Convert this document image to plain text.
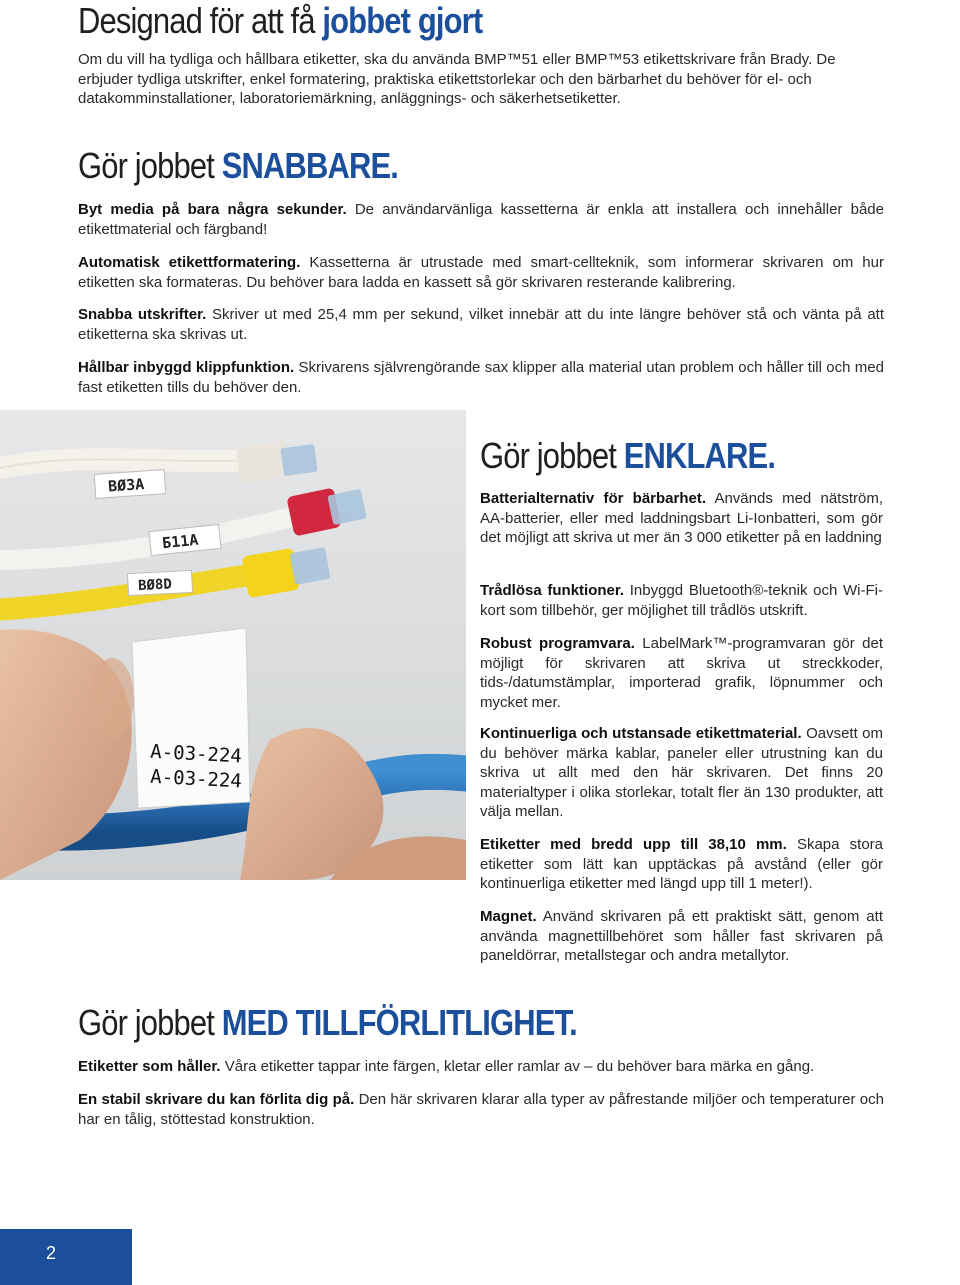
Designad för att få jobbet gjort

Om du vill ha tydliga och hållbara etiketter, ska du använda BMP™51 eller BMP™53 etikettskrivare från Brady. De erbjuder tydliga utskrifter, enkel formatering, praktiska etikettstorlekar och den bärbarhet du behöver för el- och datakomminstallationer, laboratoriemärkning, anläggnings- och säkerhetsetiketter.

Gör jobbet SNABBARE.

Byt media på bara några sekunder. De användarvänliga kassetterna är enkla att installera och innehåller både etikettmaterial och färgband!

Automatisk etikettformatering. Kassetterna är utrustade med smart-cellteknik, som informerar skrivaren om hur etiketten ska formateras. Du behöver bara ladda en kassett så gör skrivaren resterande kalibrering.

Snabba utskrifter. Skriver ut med 25,4 mm per sekund, vilket innebär att du inte längre behöver stå och vänta på att etiketterna ska skrivas ut.

Hållbar inbyggd klippfunktion. Skrivarens självrengörande sax klipper alla material utan problem och håller till och med fast etiketten tills du behöver den.

BØ3A
Б11A
BØ8D
A-03-224
A-03-224
Gör jobbet ENKLARE.

Batterialternativ för bärbarhet. Används med nätström, AA-batterier, eller med laddningsbart Li-Ionbatteri, som gör det möjligt att skriva ut mer än 3 000 etiketter på en laddning

Trådlösa funktioner. Inbyggd Bluetooth®-teknik och Wi-Fi-kort som tillbehör, ger möjlighet till trådlös utskrift.

Robust programvara. LabelMark™-programvaran gör det möjligt för skrivaren att skriva ut streckkoder, tids-/datumstämplar, importerad grafik, löpnummer och mycket mer.

Kontinuerliga och utstansade etikettmaterial. Oavsett om du behöver märka kablar, paneler eller utrustning kan du skriva ut allt med den här skrivaren. Det finns 20 materialtyper i olika storlekar, totalt fler än 130 produkter, att välja mellan.

Etiketter med bredd upp till 38,10 mm. Skapa stora etiketter som lätt kan upptäckas på avstånd (eller gör kontinuerliga etiketter med längd upp till 1 meter!).

Magnet. Använd skrivaren på ett praktiskt sätt, genom att använda magnettillbehöret som håller fast skrivaren på paneldörrar, metallstegar och andra metallytor.

Gör jobbet MED TILLFÖRLITLIGHET.

Etiketter som håller. Våra etiketter tappar inte färgen, kletar eller ramlar av – du behöver bara märka en gång.

En stabil skrivare du kan förlita dig på. Den här skrivaren klarar alla typer av påfrestande miljöer och temperaturer och har en tålig, stöttestad konstruktion.

2
